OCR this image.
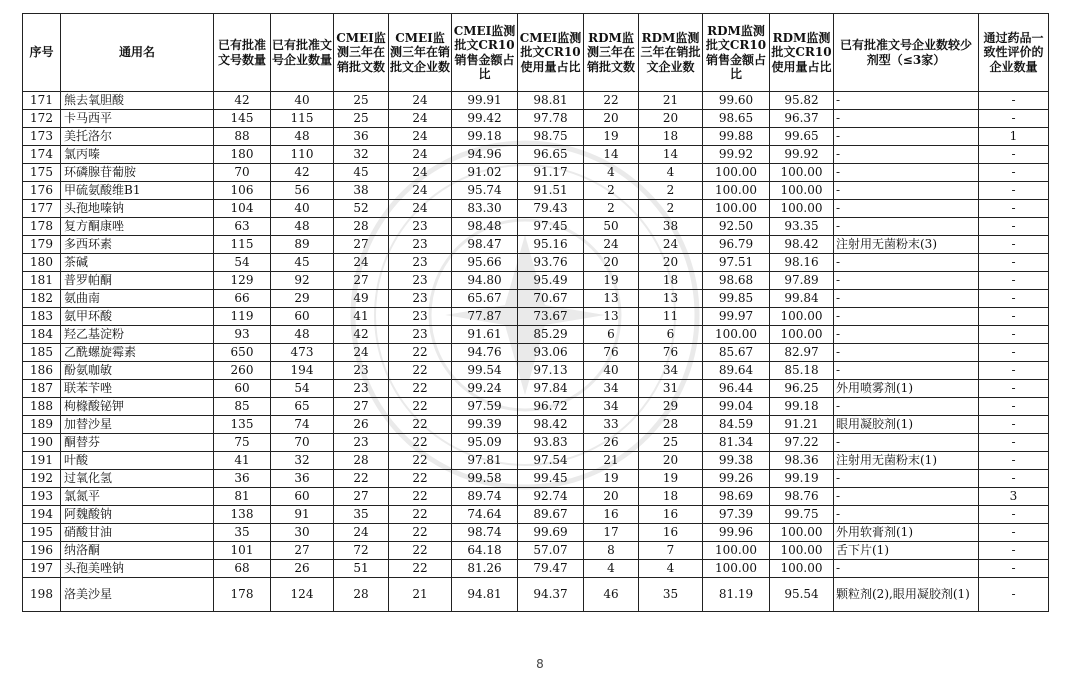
序号	通用名	已有批准文号数量	已有批准文号企业数量	CMEI监测三年在销批文数	CMEI监测三年在销批文企业数	CMEI监测批文CR10销售金额占比	CMEI监测批文CR10使用量占比	RDM监测三年在销批文数	RDM监测三年在销批文企业数	RDM监测批文CR10销售金额占比	RDM监测批文CR10使用量占比	已有批准文号企业数较少剂型（≤3家）	通过药品一致性评价的企业数量
171	熊去氧胆酸	42	40	25	24	99.91	98.81	22	21	99.60	95.82	-	-
172	卡马西平	145	115	25	24	99.42	97.78	20	20	98.65	96.37	-	-
173	美托洛尔	88	48	36	24	99.18	98.75	19	18	99.88	99.65	-	1
174	氯丙嗪	180	110	32	24	94.96	96.65	14	14	99.92	99.92	-	-
175	环磷腺苷葡胺	70	42	45	24	91.02	91.17	4	4	100.00	100.00	-	-
176	甲硫氨酸维B1	106	56	38	24	95.74	91.51	2	2	100.00	100.00	-	-
177	头孢地嗪钠	104	40	52	24	83.30	79.43	2	2	100.00	100.00	-	-
178	复方酮康唑	63	48	28	23	98.48	97.45	50	38	92.50	93.35	-	-
179	多西环素	115	89	27	23	98.47	95.16	24	24	96.79	98.42	注射用无菌粉末(3)	-
180	茶碱	54	45	24	23	95.66	93.76	20	20	97.51	98.16	-	-
181	普罗帕酮	129	92	27	23	94.80	95.49	19	18	98.68	97.89	-	-
182	氨曲南	66	29	49	23	65.67	70.67	13	13	99.85	99.84	-	-
183	氨甲环酸	119	60	41	23	77.87	73.67	13	11	99.97	100.00	-	-
184	羟乙基淀粉	93	48	42	23	91.61	85.29	6	6	100.00	100.00	-	-
185	乙酰螺旋霉素	650	473	24	22	94.76	93.06	76	76	85.67	82.97	-	-
186	酚氨咖敏	260	194	23	22	99.54	97.13	40	34	89.64	85.18	-	-
187	联苯苄唑	60	54	23	22	99.24	97.84	34	31	96.44	96.25	外用喷雾剂(1)	-
188	枸橼酸铋钾	85	65	27	22	97.59	96.72	34	29	99.04	99.18	-	-
189	加替沙星	135	74	26	22	99.39	98.42	33	28	84.59	91.21	眼用凝胶剂(1)	-
190	酮替芬	75	70	23	22	95.09	93.83	26	25	81.34	97.22	-	-
191	叶酸	41	32	28	22	97.81	97.54	21	20	99.38	98.36	注射用无菌粉末(1)	-
192	过氧化氢	36	36	22	22	99.58	99.45	19	19	99.26	99.19	-	-
193	氯氮平	81	60	27	22	89.74	92.74	20	18	98.69	98.76	-	3
194	阿魏酸钠	138	91	35	22	74.64	89.67	16	16	97.39	99.75	-	-
195	硝酸甘油	35	30	24	22	98.74	99.69	17	16	99.96	100.00	外用软膏剂(1)	-
196	纳洛酮	101	27	72	22	64.18	57.07	8	7	100.00	100.00	舌下片(1)	-
197	头孢美唑钠	68	26	51	22	81.26	79.47	4	4	100.00	100.00	-	-
198	洛美沙星	178	124	28	21	94.81	94.37	46	35	81.19	95.54	颗粒剂(2),眼用凝胶剂(1)	-
8
